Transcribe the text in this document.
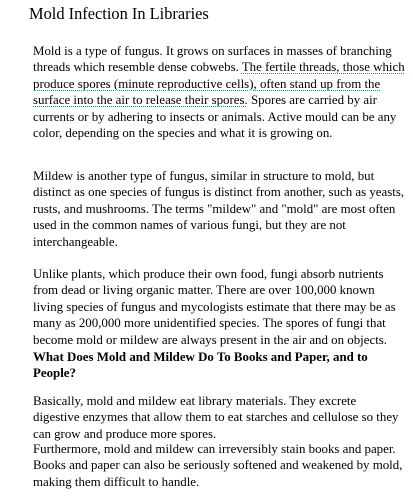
Mold Infection In Libraries

Mold is a type of fungus. It grows on surfaces in masses of branching threads which resemble dense cobwebs. The fertile threads, those which produce spores (minute reproductive cells), often stand up from the surface into the air to release their spores. Spores are carried by air currents or by adhering to insects or animals. Active mould can be any color, depending on the species and what it is growing on.

Mildew is another type of fungus, similar in structure to mold, but distinct as one species of fungus is distinct from another, such as yeasts, rusts, and mushrooms. The terms "mildew" and "mold" are most often used in the common names of various fungi, but they are not interchangeable.

Unlike plants, which produce their own food, fungi absorb nutrients from dead or living organic matter. There are over 100,000 known living species of fungus and mycologists estimate that there may be as many as 200,000 more unidentified species. The spores of fungi that become mold or mildew are always present in the air and on objects.

What Does Mold and Mildew Do To Books and Paper, and to People?

Basically, mold and mildew eat library materials. They excrete digestive enzymes that allow them to eat starches and cellulose so they can grow and produce more spores.

Furthermore, mold and mildew can irreversibly stain books and paper. Books and paper can also be seriously softened and weakened by mold, making them difficult to handle.
